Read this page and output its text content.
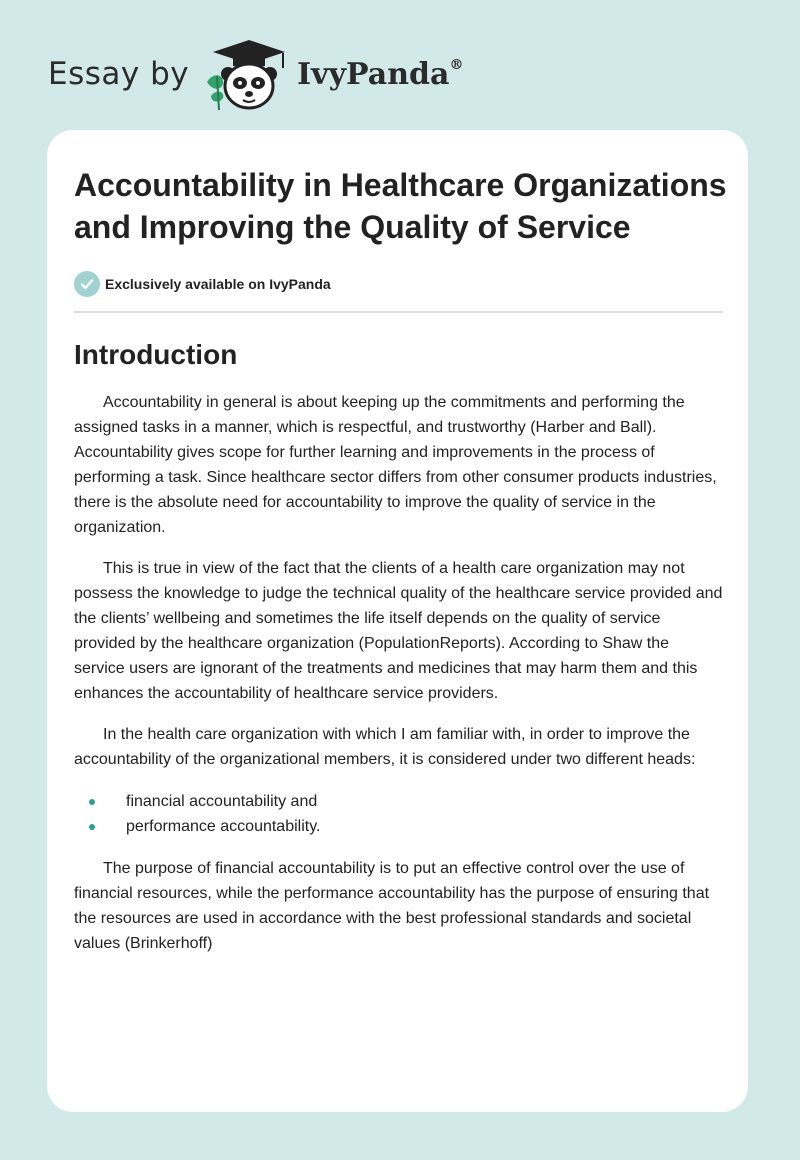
Essay by	IvyPanda®
Accountability in Healthcare Organizations and Improving the Quality of Service
Exclusively available on IvyPanda
Introduction

Accountability in general is about keeping up the commitments and performing the assigned tasks in a manner, which is respectful, and trustworthy (Harber and Ball). Accountability gives scope for further learning and improvements in the process of performing a task. Since healthcare sector differs from other consumer products industries, there is the absolute need for accountability to improve the quality of service in the organization.

This is true in view of the fact that the clients of a health care organization may not possess the knowledge to judge the technical quality of the healthcare service provided and the clients’ wellbeing and sometimes the life itself depends on the quality of service provided by the healthcare organization (PopulationReports). According to Shaw the service users are ignorant of the treatments and medicines that may harm them and this enhances the accountability of healthcare service providers.

In the health care organization with which I am familiar with, in order to improve the accountability of the organizational members, it is considered under two different heads:

financial accountability and
performance accountability.

The purpose of financial accountability is to put an effective control over the use of financial resources, while the performance accountability has the purpose of ensuring that the resources are used in accordance with the best professional standards and societal values (Brinkerhoff)
